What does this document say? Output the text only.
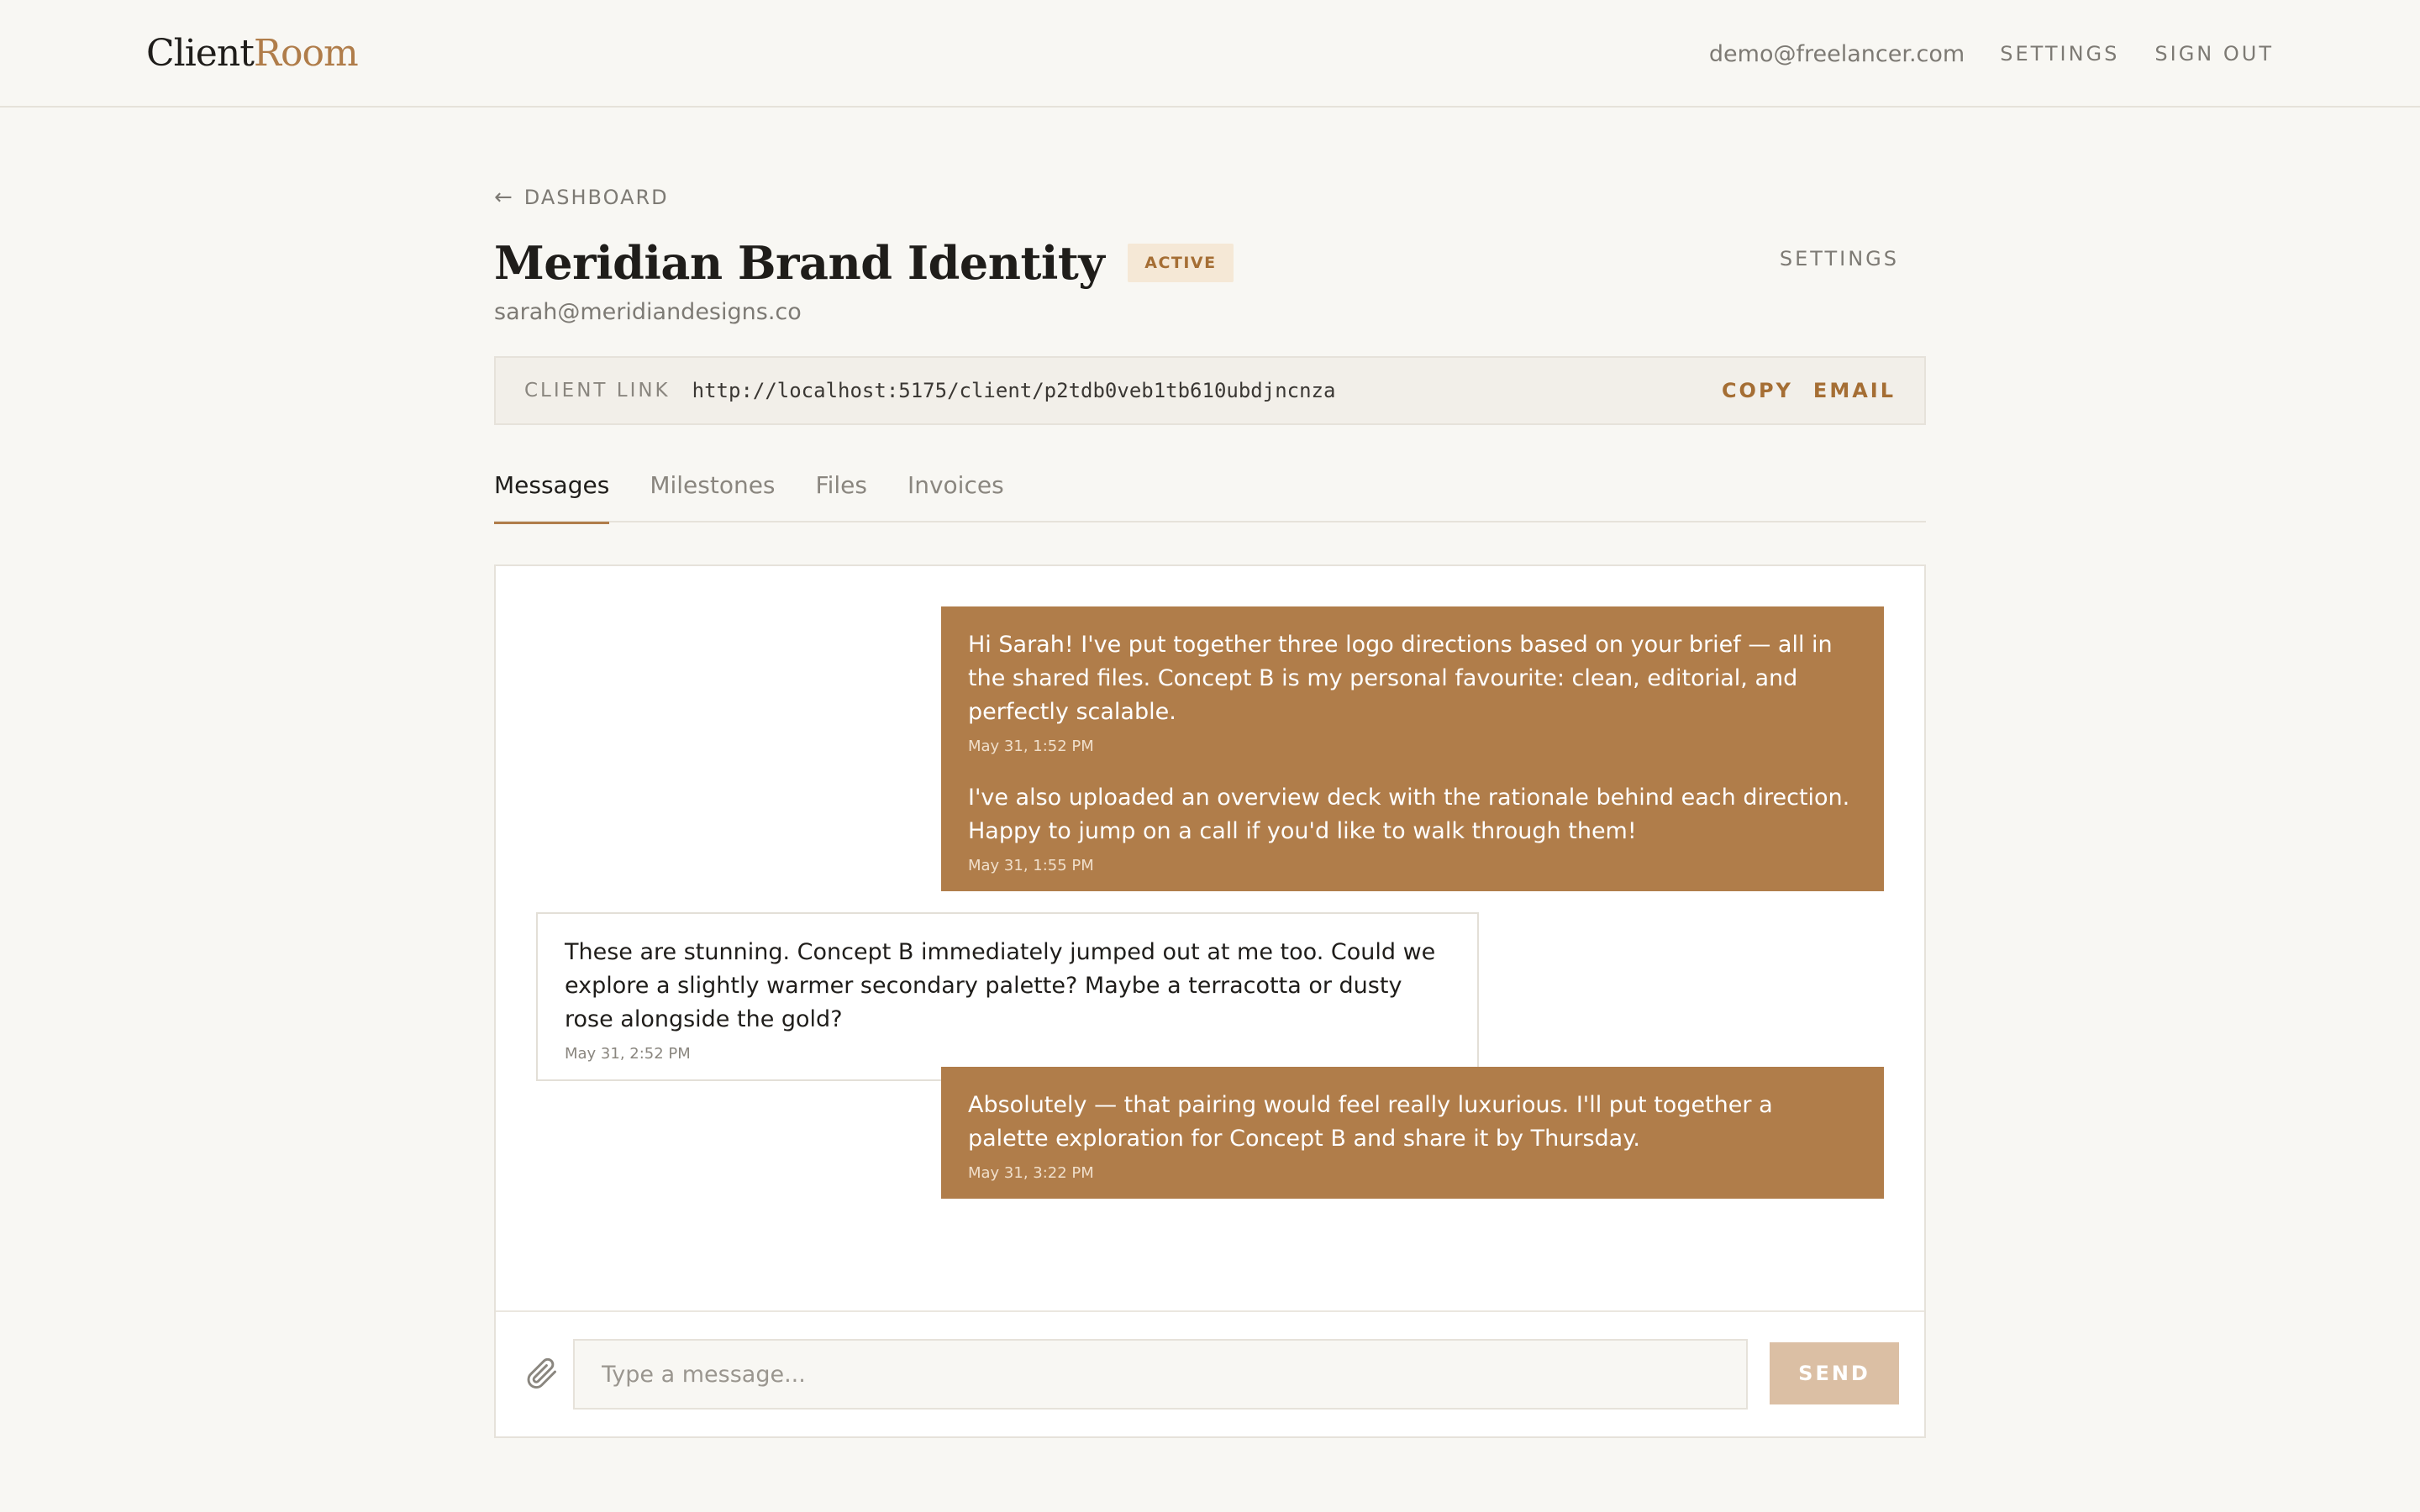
ClientRoom	demo@freelancer.com SETTINGS SIGN OUT
← DASHBOARD
Meridian Brand Identity	ACTIVE	SETTINGS
sarah@meridiandesigns.co
CLIENT LINK http://localhost:5175/client/p2tdb0veb1tb610ubdjncnza	COPY EMAIL
Messages Milestones Files Invoices
Hi Sarah! I've put together three logo directions based on your brief — all in the shared files. Concept B is my personal favourite: clean, editorial, and perfectly scalable.
May 31, 1:52 PM
I've also uploaded an overview deck with the rationale behind each direction. Happy to jump on a call if you'd like to walk through them!
May 31, 1:55 PM
These are stunning. Concept B immediately jumped out at me too. Could we explore a slightly warmer secondary palette? Maybe a terracotta or dusty rose alongside the gold?
May 31, 2:52 PM
Absolutely — that pairing would feel really luxurious. I'll put together a palette exploration for Concept B and share it by Thursday.
May 31, 3:22 PM
Type a message...
SEND
